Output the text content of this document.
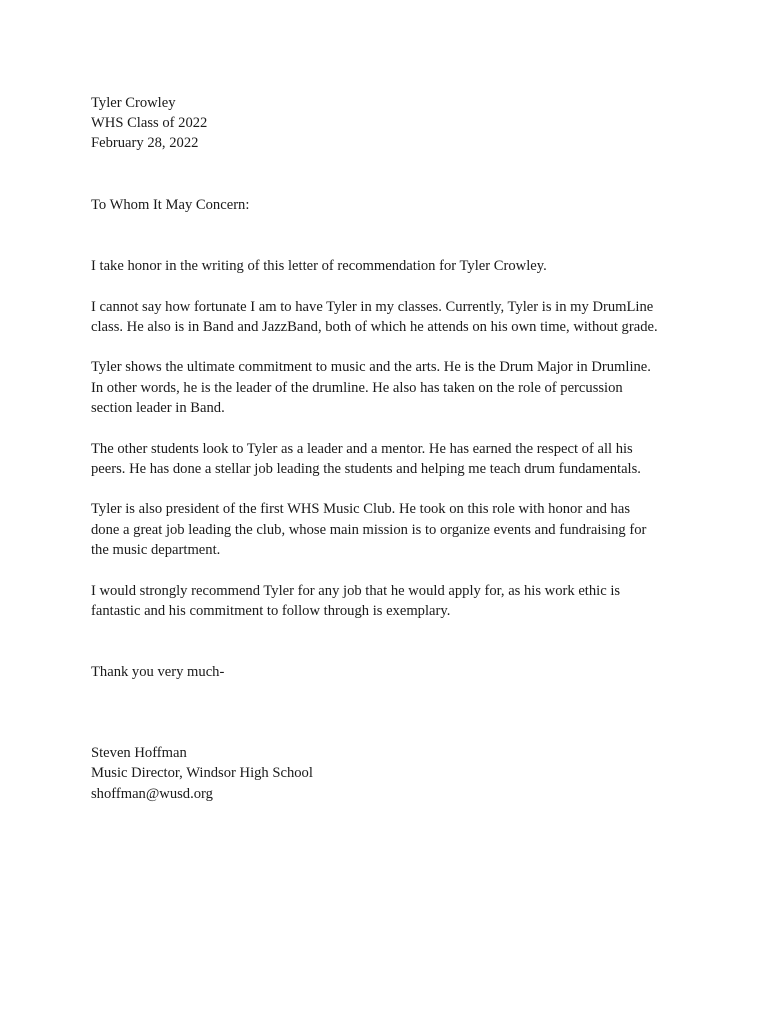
Tyler Crowley
WHS Class of 2022
February 28, 2022
To Whom It May Concern:
I take honor in the writing of this letter of recommendation for Tyler Crowley.
I cannot say how fortunate I am to have Tyler in my classes. Currently, Tyler is in my DrumLine
class. He also is in Band and JazzBand, both of which he attends on his own time, without grade.
Tyler shows the ultimate commitment to music and the arts. He is the Drum Major in Drumline.
In other words, he is the leader of the drumline. He also has taken on the role of percussion
section leader in Band.
The other students look to Tyler as a leader and a mentor. He has earned the respect of all his
peers. He has done a stellar job leading the students and helping me teach drum fundamentals.
Tyler is also president of the first WHS Music Club. He took on this role with honor and has
done a great job leading the club, whose main mission is to organize events and fundraising for
the music department.
I would strongly recommend Tyler for any job that he would apply for, as his work ethic is
fantastic and his commitment to follow through is exemplary.
Thank you very much-
Steven Hoffman
Music Director, Windsor High School
shoffman@wusd.org
